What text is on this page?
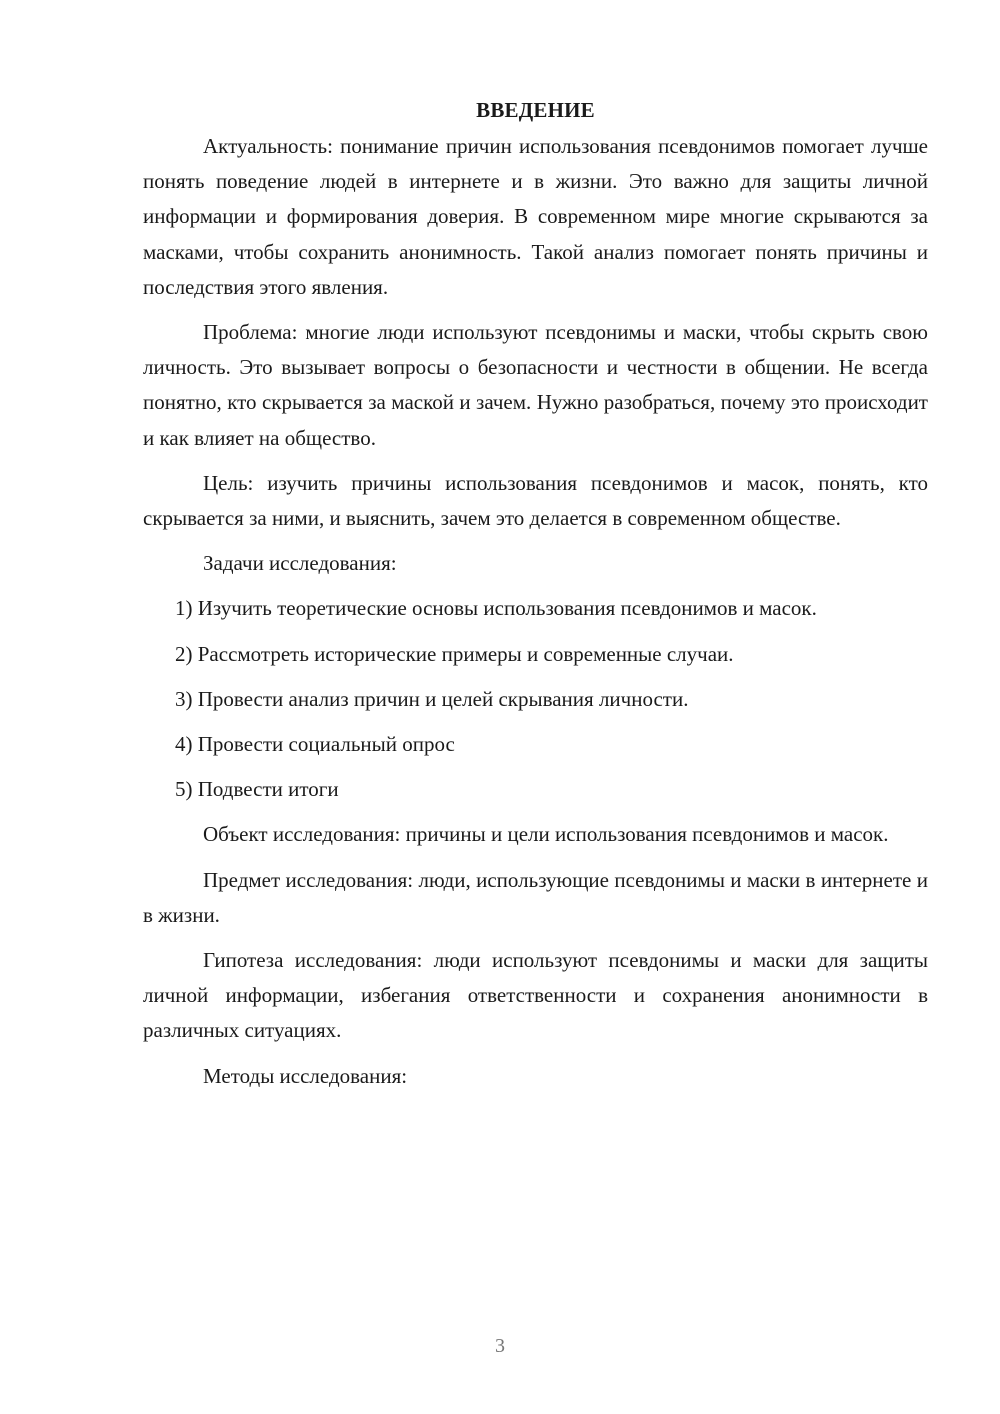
ВВЕДЕНИЕ

Актуальность: понимание причин использования псевдонимов помогает лучше понять поведение людей в интернете и в жизни. Это важно для защиты личной информации и формирования доверия. В современном мире многие скрываются за масками, чтобы сохранить анонимность. Такой анализ помогает понять причины и последствия этого явления.

Проблема: многие люди используют псевдонимы и маски, чтобы скрыть свою личность. Это вызывает вопросы о безопасности и честности в общении. Не всегда понятно, кто скрывается за маской и зачем. Нужно разобраться, почему это происходит и как влияет на общество.

Цель: изучить причины использования псевдонимов и масок, понять, кто скрывается за ними, и выяснить, зачем это делается в современном обществе.

Задачи исследования:

1) Изучить теоретические основы использования псевдонимов и масок.

2) Рассмотреть исторические примеры и современные случаи.

3) Провести анализ причин и целей скрывания личности.

4) Провести социальный опрос

5) Подвести итоги

Объект исследования: причины и цели использования псевдонимов и масок.

Предмет исследования: люди, использующие псевдонимы и маски в интернете и в жизни.

Гипотеза исследования: люди используют псевдонимы и маски для защиты личной информации, избегания ответственности и сохранения анонимности в различных ситуациях.

Методы исследования:

3
